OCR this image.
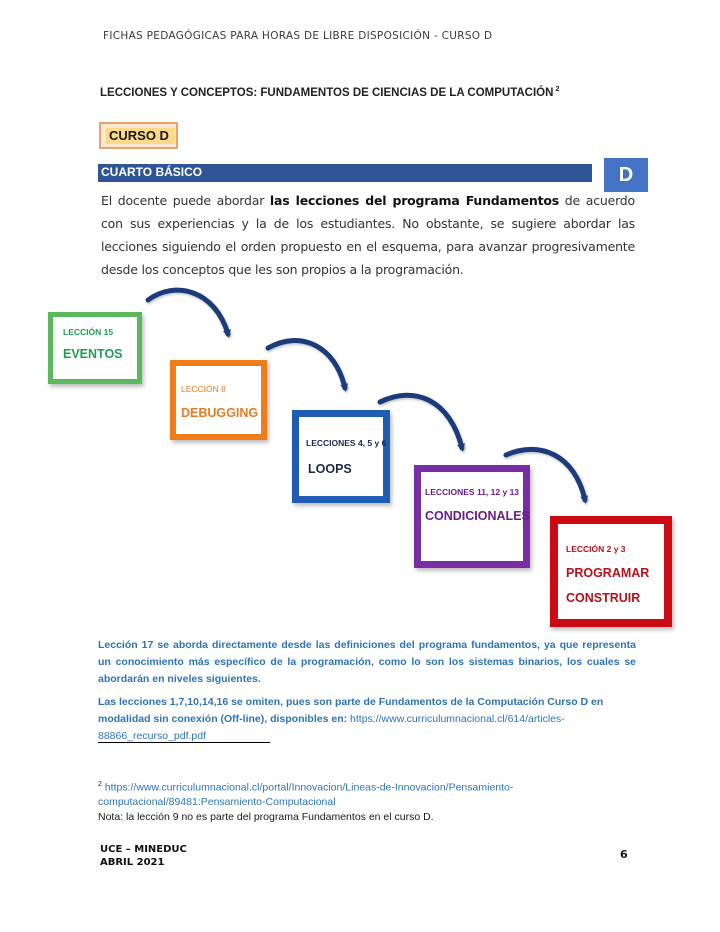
FICHAS PEDAGÓGICAS PARA HORAS DE LIBRE DISPOSICIÓN - CURSO D
LECCIONES Y CONCEPTOS: FUNDAMENTOS DE CIENCIAS DE LA COMPUTACIÓN $^2$
CURSO D
CUARTO BÁSICO	D
El docente puede abordar las lecciones del programa Fundamentos de acuerdo con sus experiencias y la de los estudiantes. No obstante, se sugiere abordar las lecciones siguiendo el orden propuesto en el esquema, para avanzar progresivamente desde los conceptos que les son propios a la programación.
LECCIÓN 15
EVENTOS
LECCIÓN 8
DEBUGGING
LECCIONES 4, 5 y 6
LOOPS
LECCIONES 11, 12 y 13
CONDICIONALES
LECCIÓN 2 y 3
PROGRAMAR
CONSTRUIR
Lección 17 se aborda directamente desde las definiciones del programa fundamentos, ya que representa un conocimiento más específico de la programación, como lo son los sistemas binarios, los cuales se abordarán en niveles siguientes.
Las lecciones 1,7,10,14,16 se omiten, pues son parte de Fundamentos de la Computación Curso D en modalidad sin conexión (Off-line), disponibles en: https://www.curriculumnacional.cl/614/articles-88866_recurso_pdf.pdf
$^2$ https://www.curriculumnacional.cl/portal/Innovacion/Lineas-de-Innovacion/Pensamiento-computacional/89481:Pensamiento-Computacional
Nota: la lección 9 no es parte del programa Fundamentos en el curso D.
UCE – MINEDUC
ABRIL 2021
6
